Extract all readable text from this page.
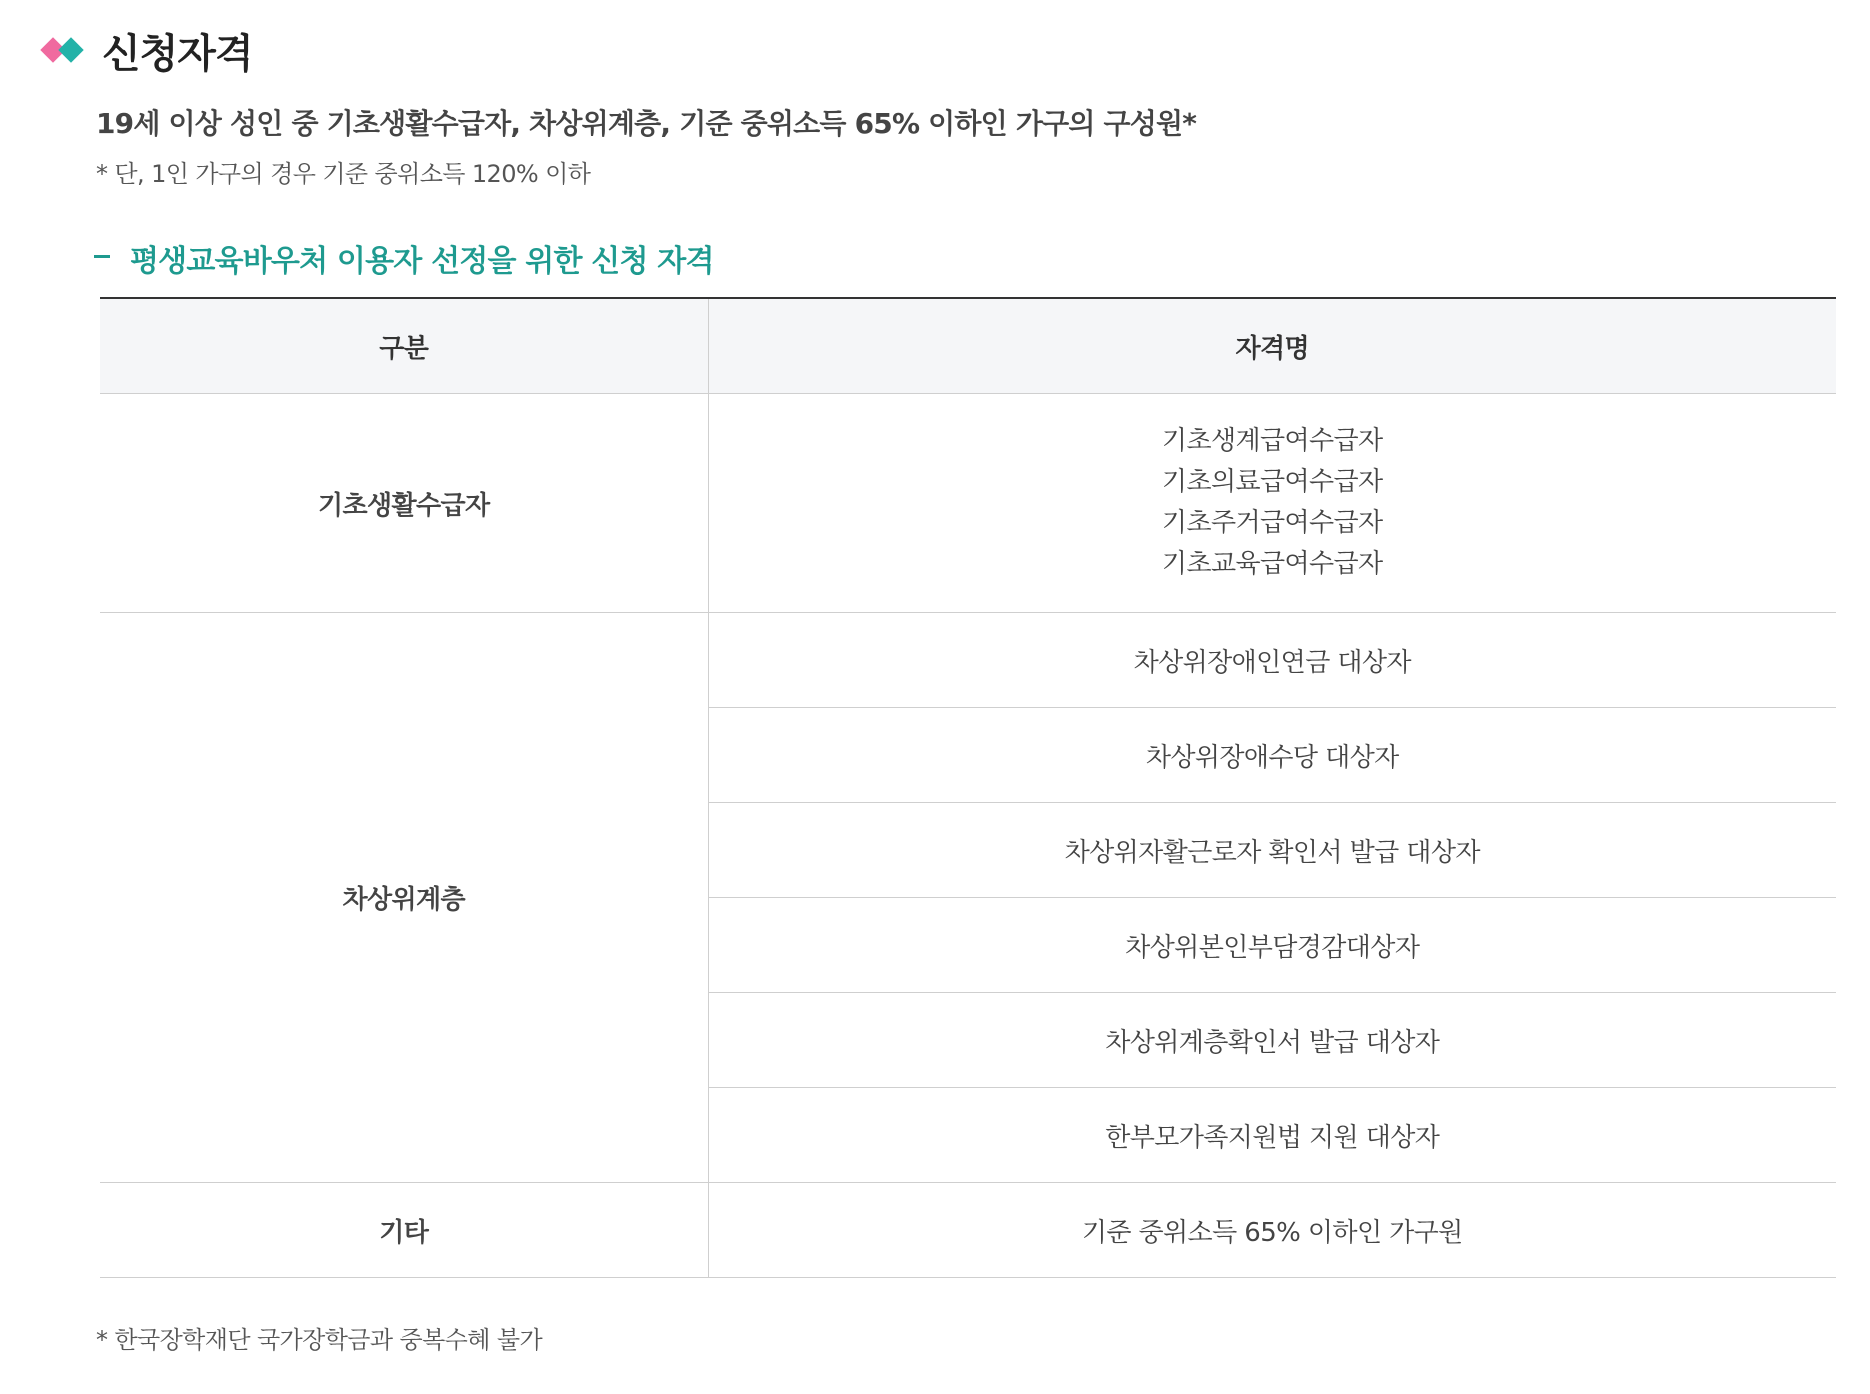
신청자격
19세 이상 성인 중 기초생활수급자, 차상위계층, 기준 중위소득 65% 이하인 가구의 구성원*
* 단, 1인 가구의 경우 기준 중위소득 120% 이하
평생교육바우처 이용자 선정을 위한 신청 자격
구분	자격명
기초생활수급자	기초생계급여수급자
기초의료급여수급자
기초주거급여수급자
기초교육급여수급자

차상위계층	차상위장애인연금 대상자
	차상위장애수당 대상자
	차상위자활근로자 확인서 발급 대상자
	차상위본인부담경감대상자
	차상위계층확인서 발급 대상자
	한부모가족지원법 지원 대상자
기타	기준 중위소득 65% 이하인 가구원
* 한국장학재단 국가장학금과 중복수혜 불가
